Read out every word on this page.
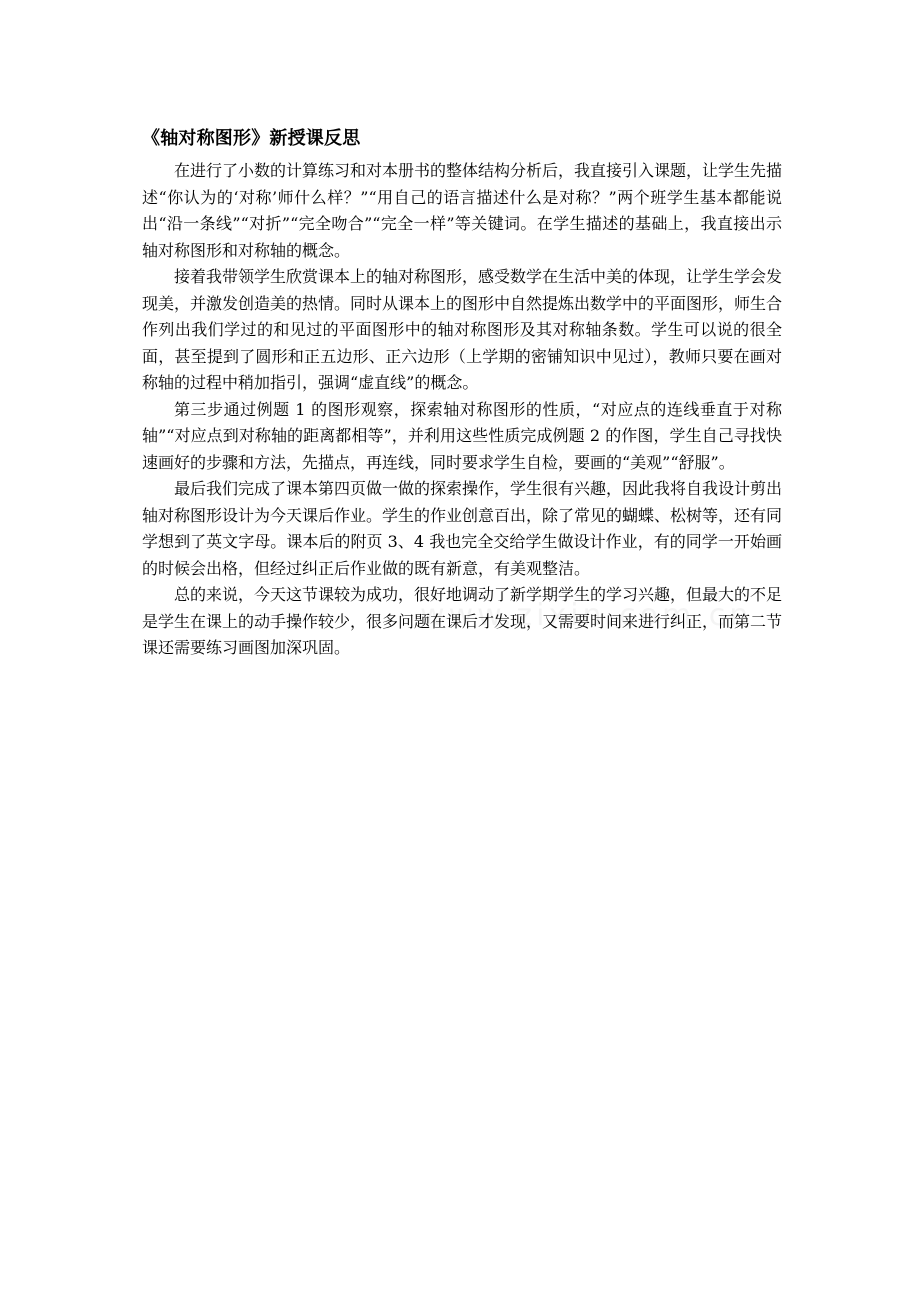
《轴对称图形》新授课反思

在进行了小数的计算练习和对本册书的整体结构分析后，我直接引入课题，让学生先描述“你认为的‘对称’师什么样？”“用自己的语言描述什么是对称？”两个班学生基本都能说出“沿一条线”“对折”“完全吻合”“完全一样”等关键词。在学生描述的基础上，我直接出示轴对称图形和对称轴的概念。

接着我带领学生欣赏课本上的轴对称图形，感受数学在生活中美的体现，让学生学会发现美，并激发创造美的热情。同时从课本上的图形中自然提炼出数学中的平面图形，师生合作列出我们学过的和见过的平面图形中的轴对称图形及其对称轴条数。学生可以说的很全面，甚至提到了圆形和正五边形、正六边形（上学期的密铺知识中见过），教师只要在画对称轴的过程中稍加指引，强调“虚直线”的概念。

第三步通过例题 1 的图形观察，探索轴对称图形的性质，“对应点的连线垂直于对称轴”“对应点到对称轴的距离都相等”，并利用这些性质完成例题 2 的作图，学生自己寻找快速画好的步骤和方法，先描点，再连线，同时要求学生自检，要画的“美观”“舒服”。

最后我们完成了课本第四页做一做的探索操作，学生很有兴趣，因此我将自我设计剪出轴对称图形设计为今天课后作业。学生的作业创意百出，除了常见的蝴蝶、松树等，还有同学想到了英文字母。课本后的附页 3、4 我也完全交给学生做设计作业，有的同学一开始画的时候会出格，但经过纠正后作业做的既有新意，有美观整洁。

总的来说，今天这节课较为成功，很好地调动了新学期学生的学习兴趣，但最大的不足是学生在课上的动手操作较少，很多问题在课后才发现，又需要时间来进行纠正，而第二节课还需要练习画图加深巩固。
